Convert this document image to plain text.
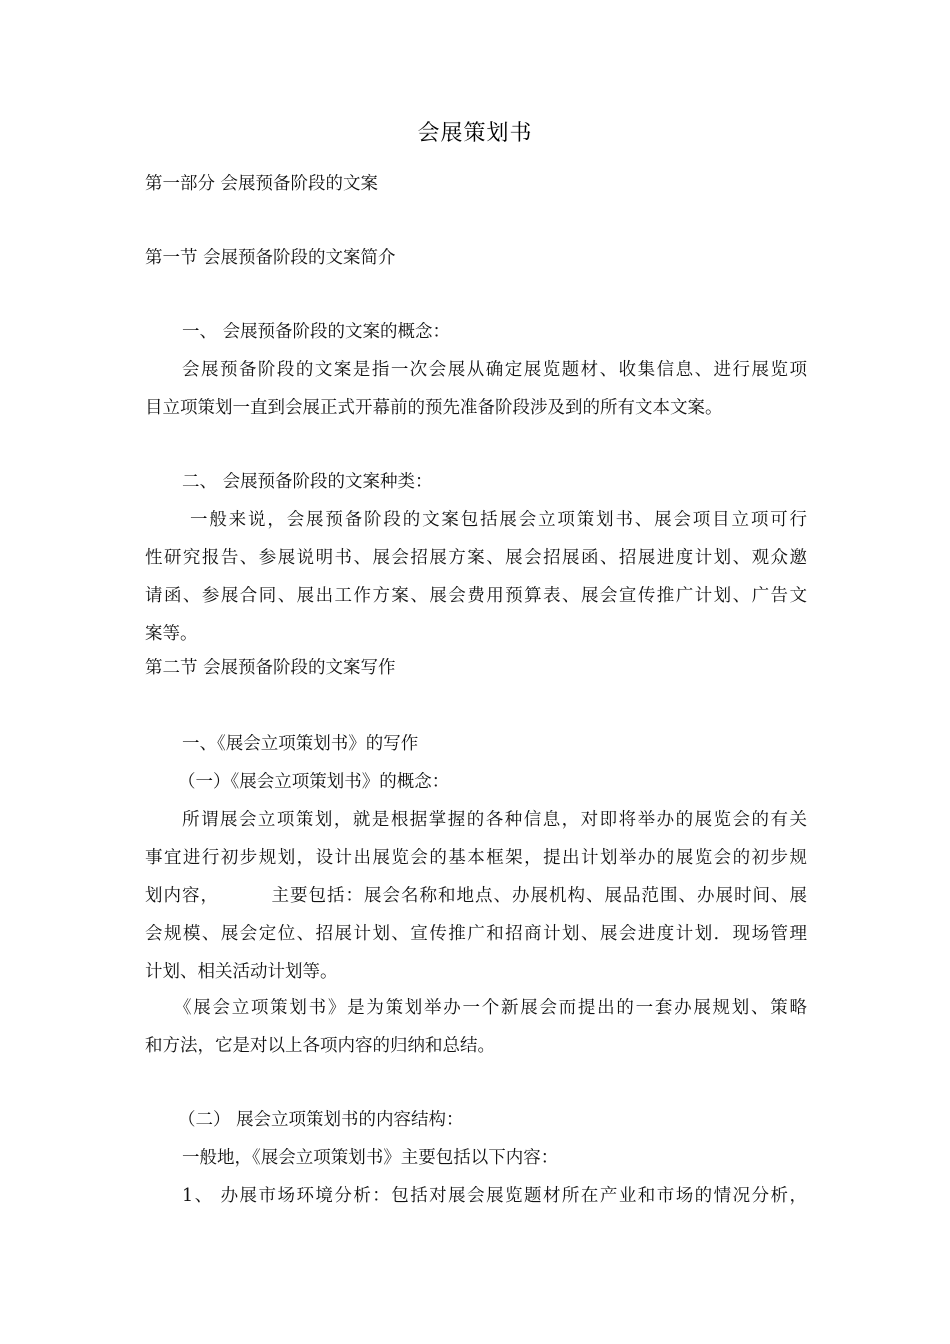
会展策划书
第一部分 会展预备阶段的文案
第一节 会展预备阶段的文案简介
一、 会展预备阶段的文案的概念：
会展预备阶段的文案是指一次会展从确定展览题材、收集信息、进行展览项
目立项策划一直到会展正式开幕前的预先准备阶段涉及到的所有文本文案。
二、 会展预备阶段的文案种类：
一般来说，会展预备阶段的文案包括展会立项策划书、展会项目立项可行
性研究报告、参展说明书、展会招展方案、展会招展函、招展进度计划、观众邀
请函、参展合同、展出工作方案、展会费用预算表、展会宣传推广计划、广告文
案等。
第二节 会展预备阶段的文案写作
一、《展会立项策划书》的写作
（一）《展会立项策划书》的概念：
所谓展会立项策划，就是根据掌握的各种信息，对即将举办的展览会的有关
事宜进行初步规划，设计出展览会的基本框架，提出计划举办的展览会的初步规
划内容，        主要包括：展会名称和地点、办展机构、展品范围、办展时间、展
会规模、展会定位、招展计划、宣传推广和招商计划、展会进度计划．现场管理
计划、相关活动计划等。
《展会立项策划书》是为策划举办一个新展会而提出的一套办展规划、策略
和方法，它是对以上各项内容的归纳和总结。
（二） 展会立项策划书的内容结构：
一般地，《展会立项策划书》主要包括以下内容：
1、 办展市场环境分析：包括对展会展览题材所在产业和市场的情况分析，
